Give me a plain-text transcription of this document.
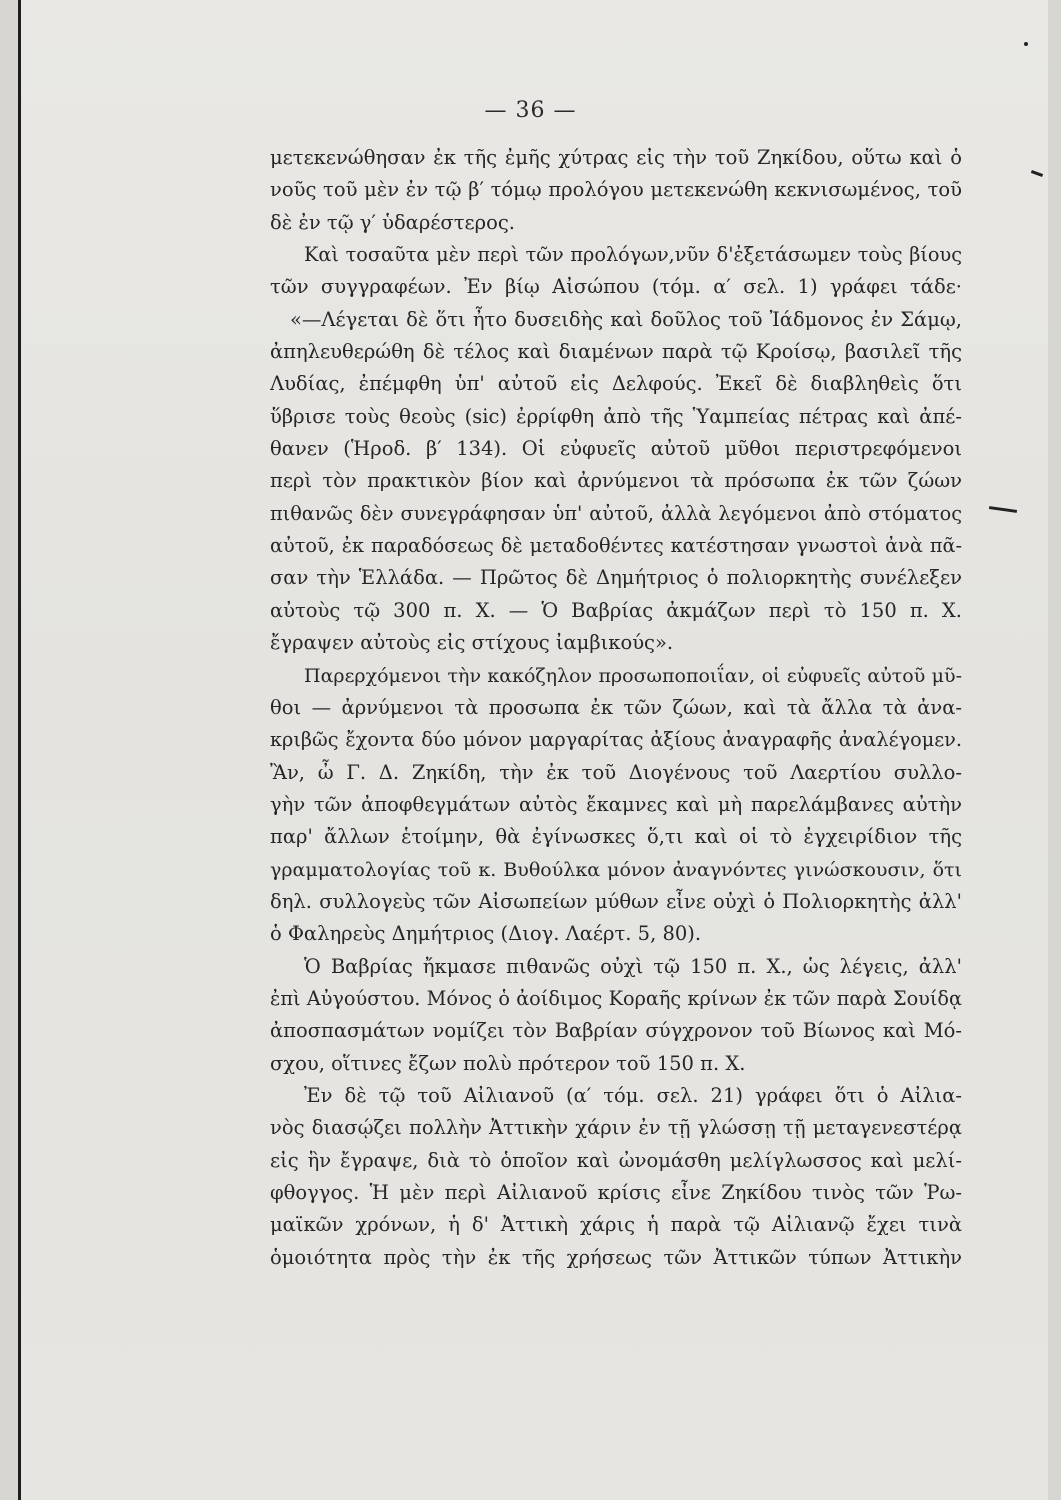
— 36 —
μετεκενώθησαν ἐκ τῆς ἐμῆς χύτρας εἰς τὴν τοῦ Ζηκίδου, οὕτω καὶ ὁ
νοῦς τοῦ μὲν ἐν τῷ β′ τόμῳ προλόγου μετεκενώθη κεκνισωμένος, τοῦ
δὲ ἐν τῷ γ′ ὑδαρέστερος.
Καὶ τοσαῦτα μὲν περὶ τῶν προλόγων,νῦν δ'ἐξετάσωμεν τοὺς βίους
τῶν συγγραφέων. Ἐν βίῳ Αἰσώπου (τόμ. α′ σελ. 1) γράφει τάδε·
«—Λέγεται δὲ ὅτι ἦτο δυσειδὴς καὶ δοῦλος τοῦ Ἰάδμονος ἐν Σάμῳ,
ἀπηλευθερώθη δὲ τέλος καὶ διαμένων παρὰ τῷ Κροίσῳ, βασιλεῖ τῆς
Λυδίας, ἐπέμφθη ὑπ' αὐτοῦ εἰς Δελφούς. Ἐκεῖ δὲ διαβληθεὶς ὅτι
ὕβρισε τοὺς θεοὺς (sic) ἐρρίφθη ἀπὸ τῆς Ὑαμπείας πέτρας καὶ ἀπέ-
θανεν (Ἡροδ. β′ 134). Οἱ εὐφυεῖς αὐτοῦ μῦθοι περιστρεφόμενοι
περὶ τὸν πρακτικὸν βίον καὶ ἀρνύμενοι τὰ πρόσωπα ἐκ τῶν ζώων
πιθανῶς δὲν συνεγράφησαν ὑπ' αὐτοῦ, ἀλλὰ λεγόμενοι ἀπὸ στόματος
αὐτοῦ, ἐκ παραδόσεως δὲ μεταδοθέντες κατέστησαν γνωστοὶ ἀνὰ πᾶ-
σαν τὴν Ἑλλάδα. — Πρῶτος δὲ Δημήτριος ὁ πολιορκητὴς συνέλεξεν
αὐτοὺς τῷ 300 π. Χ. — Ὁ Βαβρίας ἀκμάζων περὶ τὸ 150 π. Χ.
ἔγραψεν αὐτοὺς εἰς στίχους ἰαμβικούς».
Παρερχόμενοι τὴν κακόζηλον προσωποποιΐαν, οἱ εὐφυεῖς αὐτοῦ μῦ-
θοι — ἀρνύμενοι τὰ προσωπα ἐκ τῶν ζώων, καὶ τὰ ἄλλα τὰ ἀνα-
κριβῶς ἔχοντα δύο μόνον μαργαρίτας ἀξίους ἀναγραφῆς ἀναλέγομεν.
Ἂν, ὦ Γ. Δ. Ζηκίδη, τὴν ἐκ τοῦ Διογένους τοῦ Λαερτίου συλλο-
γὴν τῶν ἀποφθεγμάτων αὐτὸς ἔκαμνες καὶ μὴ παρελάμβανες αὐτὴν
παρ' ἄλλων ἑτοίμην, θὰ ἐγίνωσκες ὅ,τι καὶ οἱ τὸ ἐγχειρίδιον τῆς
γραμματολογίας τοῦ κ. Βυθούλκα μόνον ἀναγνόντες γινώσκουσιν, ὅτι
δηλ. συλλογεὺς τῶν Αἰσωπείων μύθων εἶνε οὐχὶ ὁ Πολιορκητὴς ἀλλ'
ὁ Φαληρεὺς Δημήτριος (Διογ. Λαέρτ. 5, 80).
Ὁ Βαβρίας ἤκμασε πιθανῶς οὐχὶ τῷ 150 π. Χ., ὡς λέγεις, ἀλλ'
ἐπὶ Αὐγούστου. Μόνος ὁ ἀοίδιμος Κοραῆς κρίνων ἐκ τῶν παρὰ Σουίδᾳ
ἀποσπασμάτων νομίζει τὸν Βαβρίαν σύγχρονον τοῦ Βίωνος καὶ Μό-
σχου, οἵτινες ἔζων πολὺ πρότερον τοῦ 150 π. Χ.
Ἐν δὲ τῷ τοῦ Αἰλιανοῦ (α′ τόμ. σελ. 21) γράφει ὅτι ὁ Αἰλια-
νὸς διασῴζει πολλὴν Ἀττικὴν χάριν ἐν τῇ γλώσσῃ τῇ μεταγενεστέρᾳ
εἰς ἣν ἔγραψε, διὰ τὸ ὁποῖον καὶ ὠνομάσθη μελίγλωσσος καὶ μελί-
φθογγος. Ἡ μὲν περὶ Αἰλιανοῦ κρίσις εἶνε Ζηκίδου τινὸς τῶν Ῥω-
μαϊκῶν χρόνων, ἡ δ' Ἀττικὴ χάρις ἡ παρὰ τῷ Αἰλιανῷ ἔχει τινὰ
ὁμοιότητα πρὸς τὴν ἐκ τῆς χρήσεως τῶν Ἀττικῶν τύπων Ἀττικὴν
